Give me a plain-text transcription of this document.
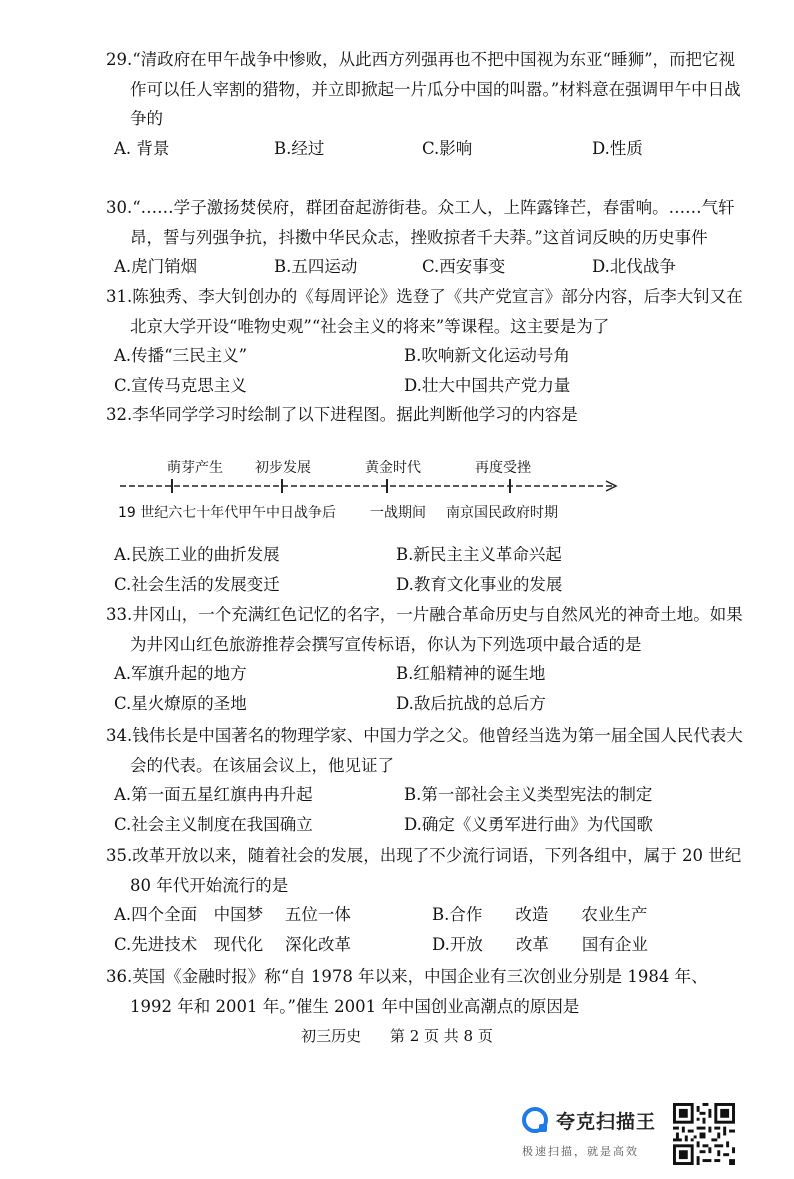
29.“清政府在甲午战争中惨败，从此西方列强再也不把中国视为东亚“睡狮”，而把它视作可以任人宰割的猎物，并立即掀起一片瓜分中国的叫嚣。”材料意在强调甲午中日战争的

A. 背景	B.经过	C.影响	D.性质

30.“……学子激扬焚侯府，群团奋起游街巷。众工人，上阵露锋芒，春雷响。……气轩昂，誓与列强争抗，抖擞中华民众志，挫败掠者千夫莽。”这首词反映的历史事件

A.虎门销烟	B.五四运动	C.西安事变	D.北伐战争

31.陈独秀、李大钊创办的《每周评论》选登了《共产党宣言》部分内容，后李大钊又在北京大学开设“唯物史观”“社会主义的将来”等课程。这主要是为了

A.传播“三民主义”	B.吹响新文化运动号角
C.宣传马克思主义	D.壮大中国共产党力量

32.李华同学学习时绘制了以下进程图。据此判断他学习的内容是

萌芽产生 初步发展	黄金时代	再度受挫
19 世纪六七十年代 甲午中日战争后 一战期间 南京国民政府时期
A.民族工业的曲折发展	B.新民主主义革命兴起
C.社会生活的发展变迁	D.教育文化事业的发展

33.井冈山，一个充满红色记忆的名字，一片融合革命历史与自然风光的神奇土地。如果为井冈山红色旅游推荐会撰写宣传标语，你认为下列选项中最合适的是

A.军旗升起的地方	B.红船精神的诞生地
C.星火燎原的圣地	D.敌后抗战的总后方

34.钱伟长是中国著名的物理学家、中国力学之父。他曾经当选为第一届全国人民代表大会的代表。在该届会议上，他见证了

A.第一面五星红旗冉冉升起	B.第一部社会主义类型宪法的制定
C.社会主义制度在我国确立	D.确定《义勇军进行曲》为代国歌

35.改革开放以来，随着社会的发展，出现了不少流行词语，下列各组中，属于 20 世纪 80 年代开始流行的是

A.四个全面　中国梦　 五位一体	B.合作　　改造　　农业生产
C.先进技术　现代化　 深化改革	D.开放　　改革　　国有企业

36.英国《金融时报》称“自 1978 年以来，中国企业有三次创业分别是 1984 年、1992 年和 2001 年。”催生 2001 年中国创业高潮点的原因是

初三历史 第 2 页 共 8 页
夸克扫描王
极速扫描，就是高效
